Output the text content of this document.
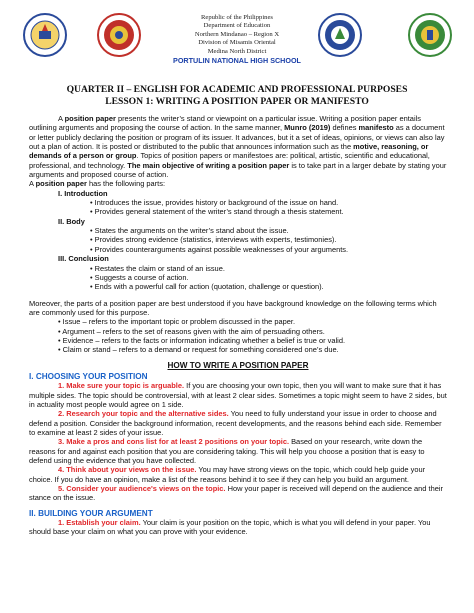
Republic of the Philippines
Department of Education
Northern Mindanao – Region X
Division of Misamis Oriental
Medina North District
PORTULIN NATIONAL HIGH SCHOOL
QUARTER II – ENGLISH FOR ACADEMIC AND PROFESSIONAL PURPOSES
LESSON 1: WRITING A POSITION PAPER OR MANIFESTO

A position paper presents the writer’s stand or viewpoint on a particular issue. Writing a position paper entails outlining arguments and proposing the course of action. In the same manner, Munro (2019) defines manifesto as a document or letter publicly declaring the position or program of its issuer. It advances, but it a set of ideas, opinions, or views can also lay out a plan of action. It is posted or distributed to the public that announces information such as the motive, reasoning, or demands of a person or group. Topics of position papers or manifestoes are: political, artistic, scientific and educational, professional, and technology. The main objective of writing a position paper is to take part in a larger debate by stating your arguments and proposed course of action.

A position paper has the following parts:

I. Introduction
• Introduces the issue, provides history or background of the issue on hand.
• Provides general statement of the writer’s stand through a thesis statement.
II. Body
• States the arguments on the writer’s stand about the issue.
• Provides strong evidence (statistics, interviews with experts, testimonies).
• Provides counterarguments against possible weaknesses of your arguments.
III. Conclusion
• Restates the claim or stand of an issue.
• Suggests a course of action.
• Ends with a powerful call for action (quotation, challenge or question).

Moreover, the parts of a position paper are best understood if you have background knowledge on the following terms which are commonly used for this purpose.

• Issue – refers to the important topic or problem discussed in the paper.
• Argument – refers to the set of reasons given with the aim of persuading others.
• Evidence – refers to the facts or information indicating whether a belief is true or valid.
• Claim or stand – refers to a demand or request for something considered one’s due.
HOW TO WRITE A POSITION PAPER
I. CHOOSING YOUR POSITION

1. Make sure your topic is arguable. If you are choosing your own topic, then you will want to make sure that it has multiple sides. The topic should be controversial, with at least 2 clear sides. Sometimes a topic might seem to have 2 sides, but in actuality most people would agree on 1 side.

2. Research your topic and the alternative sides. You need to fully understand your issue in order to choose and defend a position. Consider the background information, recent developments, and the reasons behind each side. Remember to examine at least 2 sides of your issue.

3. Make a pros and cons list for at least 2 positions on your topic. Based on your research, write down the reasons for and against each position that you are considering taking. This will help you choose a position that is easy to defend using the evidence that you have collected.

4. Think about your views on the issue. You may have strong views on the topic, which could help guide your choice. If you do have an opinion, make a list of the reasons behind it to see if they can help you build an argument.

5. Consider your audience's views on the topic. How your paper is received will depend on the audience and their stance on the issue.

II. BUILDING YOUR ARGUMENT

1. Establish your claim. Your claim is your position on the topic, which is what you will defend in your paper. You should base your claim on what you can prove with your evidence.
